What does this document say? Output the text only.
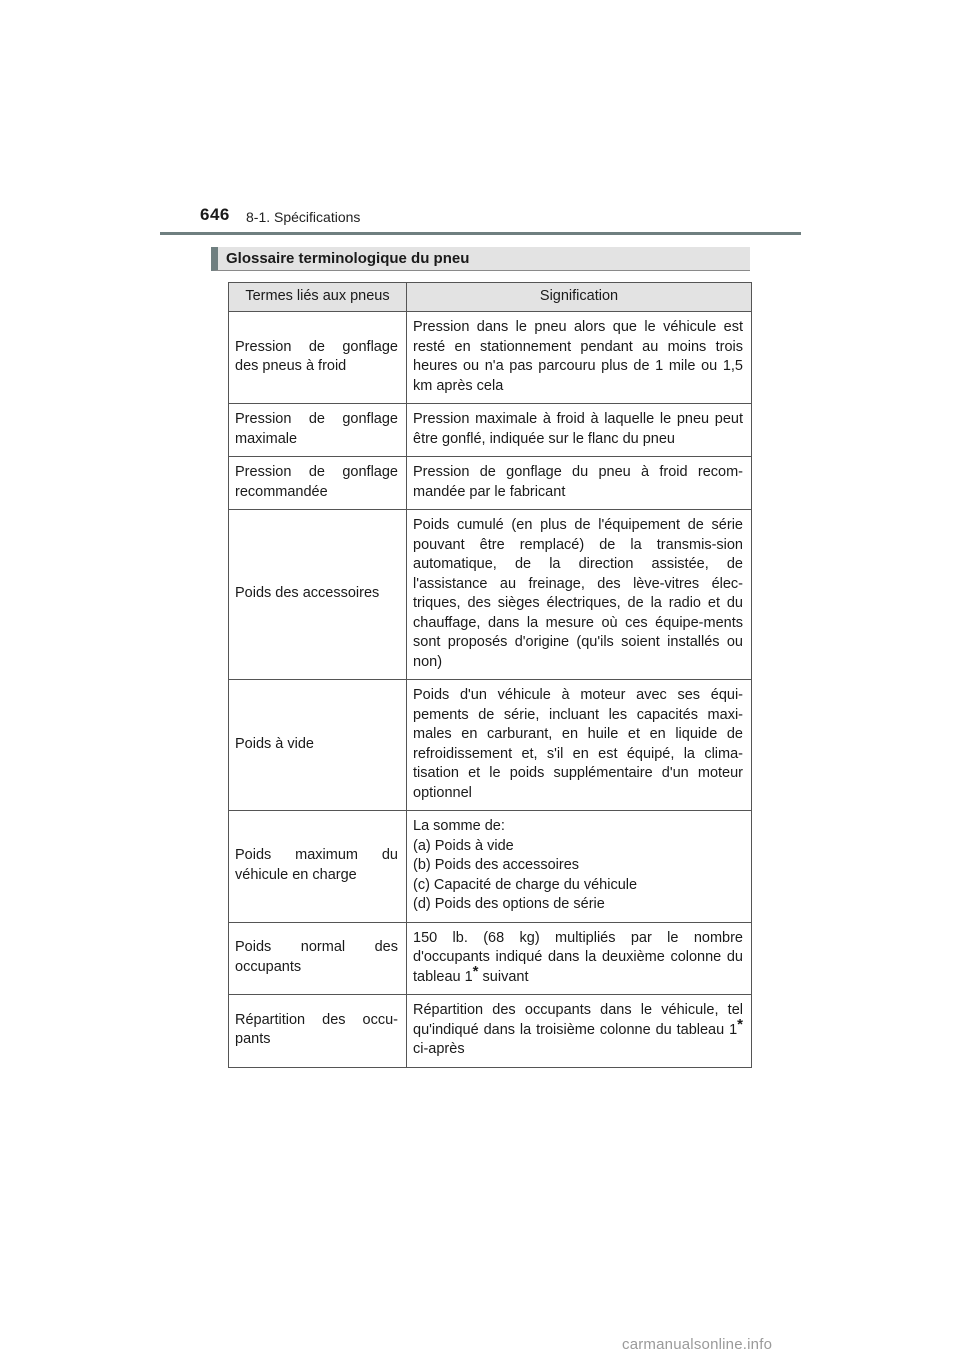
646 8-1. Spécifications
Glossaire terminologique du pneu
Termes liés aux pneus	Signification
Pression de gonflage des pneus à froid	Pression dans le pneu alors que le véhicule est resté en stationnement pendant au moins trois heures ou n'a pas parcouru plus de 1 mile ou 1,5 km après cela
Pression de gonflage maximale	Pression maximale à froid à laquelle le pneu peut être gonflé, indiquée sur le flanc du pneu
Pression de gonflage recommandée	Pression de gonflage du pneu à froid recom-mandée par le fabricant
Poids des accessoires	Poids cumulé (en plus de l'équipement de série pouvant être remplacé) de la transmis-sion automatique, de la direction assistée, de l'assistance au freinage, des lève-vitres élec-triques, des sièges électriques, de la radio et du chauffage, dans la mesure où ces équipe-ments sont proposés d'origine (qu'ils soient installés ou non)
Poids à vide	Poids d'un véhicule à moteur avec ses équi-pements de série, incluant les capacités maxi-males en carburant, en huile et en liquide de refroidissement et, s'il en est équipé, la clima-tisation et le poids supplémentaire d'un moteur optionnel
Poids maximum du véhicule en charge	La somme de:
(a) Poids à vide
(b) Poids des accessoires
(c) Capacité de charge du véhicule
(d) Poids des options de série

Poids normal des occupants	150 lb. (68 kg) multipliés par le nombre d'occupants indiqué dans la deuxième colonne du tableau 1* suivant
Répartition des occu-pants	Répartition des occupants dans le véhicule, tel qu'indiqué dans la troisième colonne du tableau 1* ci-après
carmanualsonline.info
